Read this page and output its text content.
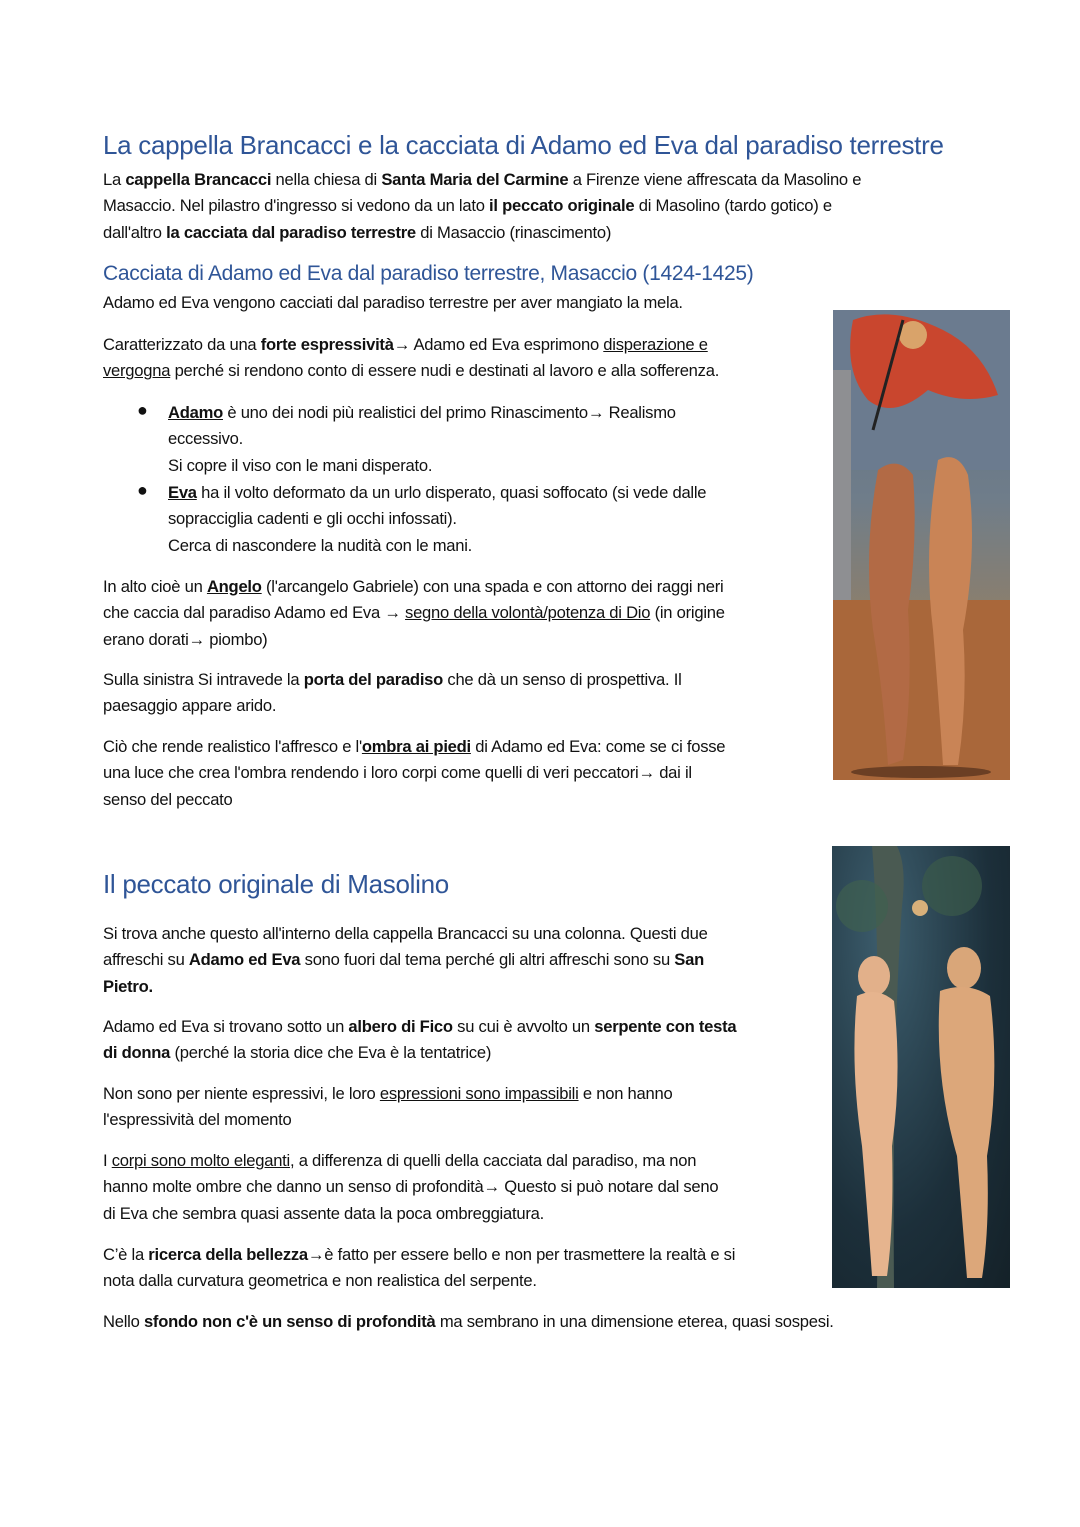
La cappella Brancacci e la cacciata di Adamo ed Eva dal paradiso terrestre
La cappella Brancacci nella chiesa di Santa Maria del Carmine a Firenze viene affrescata da Masolino e
Masaccio. Nel pilastro d'ingresso si vedono da un lato il peccato originale di Masolino (tardo gotico) e
dall'altro la cacciata dal paradiso terrestre di Masaccio (rinascimento)
Cacciata di Adamo ed Eva dal paradiso terrestre, Masaccio (1424-1425)
Adamo ed Eva vengono cacciati dal paradiso terrestre per aver mangiato la mela.
Caratterizzato da una forte espressività→ Adamo ed Eva esprimono disperazione e
vergogna perché si rendono conto di essere nudi e destinati al lavoro e alla sofferenza.
● Adamo è uno dei nodi più realistici del primo Rinascimento→ Realismo
eccessivo.
Si copre il viso con le mani disperato.
● Eva ha il volto deformato da un urlo disperato, quasi soffocato (si vede dalle
sopracciglia cadenti e gli occhi infossati).
Cerca di nascondere la nudità con le mani.
In alto cioè un Angelo (l'arcangelo Gabriele) con una spada e con attorno dei raggi neri
che caccia dal paradiso Adamo ed Eva → segno della volontà/potenza di Dio (in origine
erano dorati→ piombo)
Sulla sinistra Si intravede la porta del paradiso che dà un senso di prospettiva. Il
paesaggio appare arido.
Ciò che rende realistico l'affresco e l'ombra ai piedi di Adamo ed Eva: come se ci fosse
una luce che crea l'ombra rendendo i loro corpi come quelli di veri peccatori→ dai il
senso del peccato
Il peccato originale di Masolino
Si trova anche questo all'interno della cappella Brancacci su una colonna. Questi due
affreschi su Adamo ed Eva sono fuori dal tema perché gli altri affreschi sono su San
Pietro.
Adamo ed Eva si trovano sotto un albero di Fico su cui è avvolto un serpente con testa
di donna (perché la storia dice che Eva è la tentatrice)
Non sono per niente espressivi, le loro espressioni sono impassibili e non hanno
l'espressività del momento
I corpi sono molto eleganti, a differenza di quelli della cacciata dal paradiso, ma non
hanno molte ombre che danno un senso di profondità→ Questo si può notare dal seno
di Eva che sembra quasi assente data la poca ombreggiatura.
C’è la ricerca della bellezza→è fatto per essere bello e non per trasmettere la realtà e si
nota dalla curvatura geometrica e non realistica del serpente.
Nello sfondo non c'è un senso di profondità ma sembrano in una dimensione eterea, quasi sospesi.
